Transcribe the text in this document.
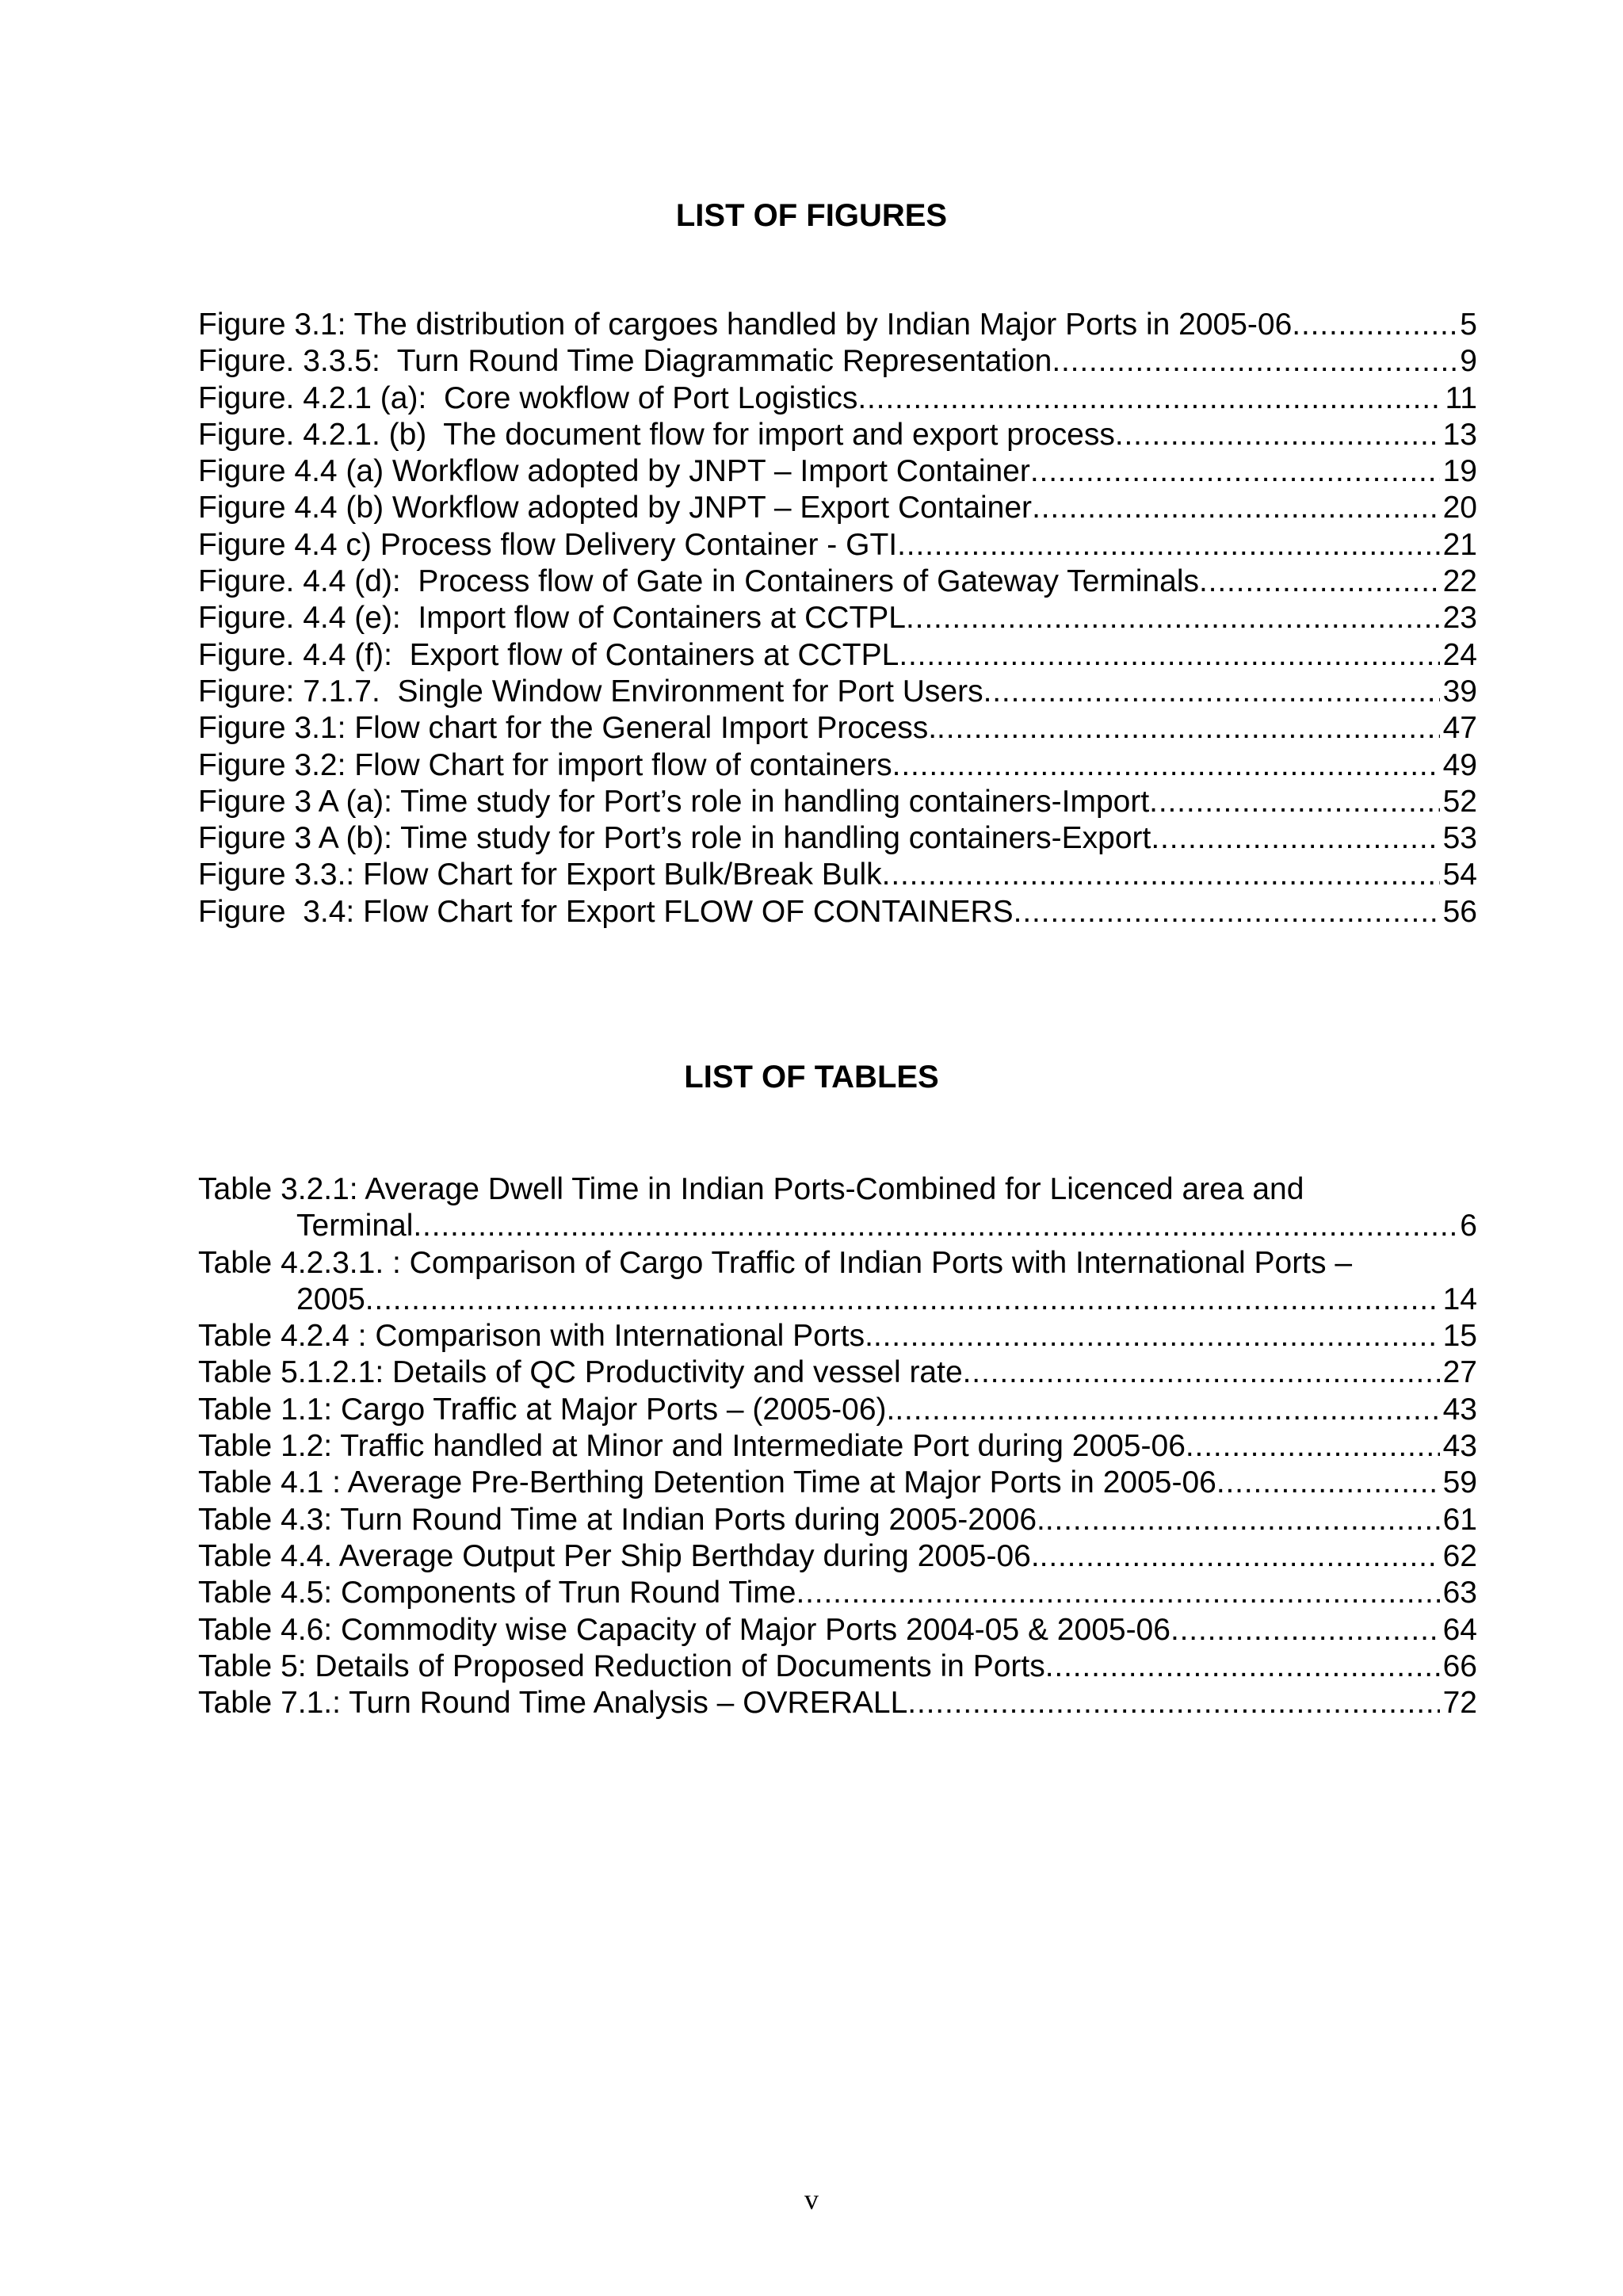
LIST OF FIGURES
Figure 3.1: The distribution of cargoes handled by Indian Major Ports in 2005-06 . . .	5
Figure. 3.3.5:  Turn Round Time Diagrammatic Representation . . .	9
Figure. 4.2.1 (a):  Core wokflow of Port Logistics . . .	11
Figure. 4.2.1. (b)  The document flow for import and export process . . .	13
Figure 4.4 (a) Workflow adopted by JNPT – Import Container . . .	19
Figure 4.4 (b) Workflow adopted by JNPT – Export Container . . .	20
Figure 4.4 c) Process flow Delivery Container - GTI . . .	21
Figure. 4.4 (d):  Process flow of Gate in Containers of Gateway Terminals . . .	22
Figure. 4.4 (e):  Import flow of Containers at CCTPL . . .	23
Figure. 4.4 (f):  Export flow of Containers at CCTPL . . .	24
Figure: 7.1.7.  Single Window Environment for Port Users . . .	39
Figure 3.1: Flow chart for the General Import Process. . . .	47
Figure 3.2: Flow Chart for import flow of containers . . .	49
Figure 3 A (a): Time study for Port’s role in handling containers-Import . . .	52
Figure 3 A (b): Time study for Port’s role in handling containers-Export . . .	53
Figure 3.3.: Flow Chart for Export Bulk/Break Bulk . . .	54
Figure  3.4: Flow Chart for Export FLOW OF CONTAINERS . . .	56
LIST OF TABLES
Table 3.2.1: Average Dwell Time in Indian Ports-Combined for Licenced area and
Terminal . . .	6
Table 4.2.3.1. : Comparison of Cargo Traffic of Indian Ports with International Ports –
2005 . . .	14
Table 4.2.4 : Comparison with International Ports. . . .	15
Table 5.1.2.1: Details of QC Productivity and vessel rate . . .	27
Table 1.1: Cargo Traffic at Major Ports – (2005-06). . . .	43
Table 1.2: Traffic handled at Minor and Intermediate Port during 2005-06 . . .	43
Table 4.1 : Average Pre-Berthing Detention Time at Major Ports in 2005-06 . . .	59
Table 4.3: Turn Round Time at Indian Ports during 2005-2006. . . .	61
Table 4.4. Average Output Per Ship Berthday during 2005-06. . . .	62
Table 4.5: Components of Trun Round Time . . .	63
Table 4.6: Commodity wise Capacity of Major Ports 2004-05 & 2005-06 . . .	64
Table 5: Details of Proposed Reduction of Documents in Ports . . .	66
Table 7.1.: Turn Round Time Analysis – OVRERALL . . .	72
v
